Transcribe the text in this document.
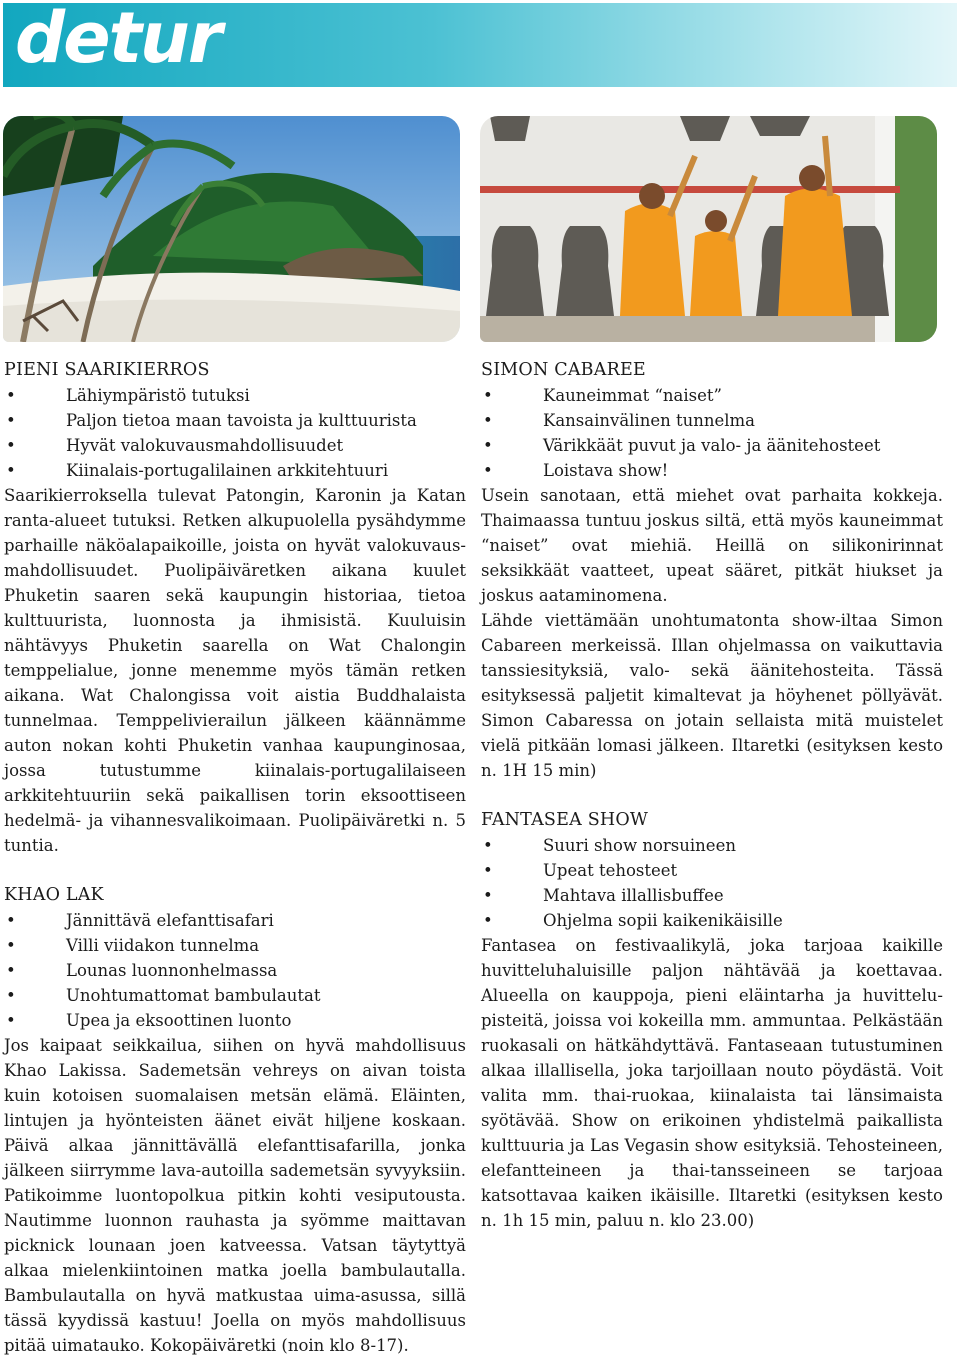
detur
PIENI SAARIKIERROS
• Lähiympäristö tutuksi
• Paljon tietoa maan tavoista ja kulttuurista
• Hyvät valokuvausmahdollisuudet
• Kiinalais-portugalilainen arkkitehtuuri

Saarikierroksella tulevat Patongin, Karonin ja Katan ranta-alueet tutuksi. Retken alkupuolella pysähdymme parhaille näköalapaikoille, joista on hyvät valokuvaus-mahdollisuudet. Puolipäiväretken aikana kuulet Phuketin saaren sekä kaupungin historiaa, tietoa kulttuurista, luonnosta ja ihmisistä. Kuuluisin nähtävyys Phuketin saarella on Wat Chalongin temppelialue, jonne menemme myös tämän retken aikana. Wat Chalongissa voit aistia Buddhalaista tunnelmaa. Temppelivierailun jälkeen käännämme auton nokan kohti Phuketin vanhaa kaupunginosaa, jossa tutustumme kiinalais-portugalilaiseen arkkitehtuuriin sekä paikallisen torin eksoottiseen hedelmä- ja vihannesvalikoimaan. Puolipäiväretki n. 5 tuntia.

KHAO LAK
• Jännittävä elefanttisafari
• Villi viidakon tunnelma
• Lounas luonnonhelmassa
• Unohtumattomat bambulautat
• Upea ja eksoottinen luonto

Jos kaipaat seikkailua, siihen on hyvä mahdollisuus Khao Lakissa. Sademetsän vehreys on aivan toista kuin kotoisen suomalaisen metsän elämä. Eläinten, lintujen ja hyönteisten äänet eivät hiljene koskaan. Päivä alkaa jännittävällä elefanttisafarilla, jonka jälkeen siirrymme lava-autoilla sademetsän syvyyksiin. Patikoimme luontopolkua pitkin kohti vesiputousta. Nautimme luonnon rauhasta ja syömme maittavan picknick lounaan joen katveessa. Vatsan täytyttyä alkaa mielenkiintoinen matka joella bambulautalla. Bambulautalla on hyvä matkustaa uima-asussa, sillä tässä kyydissä kastuu! Joella on myös mahdollisuus pitää uimatauko. Kokopäiväretki (noin klo 8-17).

SIMON CABAREE
• Kauneimmat “naiset”
• Kansainvälinen tunnelma
• Värikkäät puvut ja valo- ja äänitehosteet
• Loistava show!

Usein sanotaan, että miehet ovat parhaita kokkeja. Thaimaassa tuntuu joskus siltä, että myös kauneimmat “naiset” ovat miehiä. Heillä on silikonirinnat seksikkäät vaatteet, upeat sääret, pitkät hiukset ja joskus aataminomena.

Lähde viettämään unohtumatonta show-iltaa Simon Cabareen merkeissä. Illan ohjelmassa on vaikuttavia tanssiesityksiä, valo- sekä äänitehosteita. Tässä esityksessä paljetit kimaltevat ja höyhenet pöllyävät. Simon Cabaressa on jotain sellaista mitä muistelet vielä pitkään lomasi jälkeen. Iltaretki (esityksen kesto n. 1H 15 min)

FANTASEA SHOW
• Suuri show norsuineen
• Upeat tehosteet
• Mahtava illallisbuffee
• Ohjelma sopii kaikenikäisille

Fantasea on festivaalikylä, joka tarjoaa kaikille huvitteluhaluisille paljon nähtävää ja koettavaa. Alueella on kauppoja, pieni eläintarha ja huvittelu-pisteitä, joissa voi kokeilla mm. ammuntaa. Pelkästään ruokasali on hätkähdyttävä. Fantaseaan tutustuminen alkaa illallisella, joka tarjoillaan nouto pöydästä. Voit valita mm. thai-ruokaa, kiinalaista tai länsimaista syötävää. Show on erikoinen yhdistelmä paikallista kulttuuria ja Las Vegasin show esityksiä. Tehosteineen, elefantteineen ja thai-tansseineen se tarjoaa katsottavaa kaiken ikäisille. Iltaretki (esityksen kesto n. 1h 15 min, paluu n. klo 23.00)
